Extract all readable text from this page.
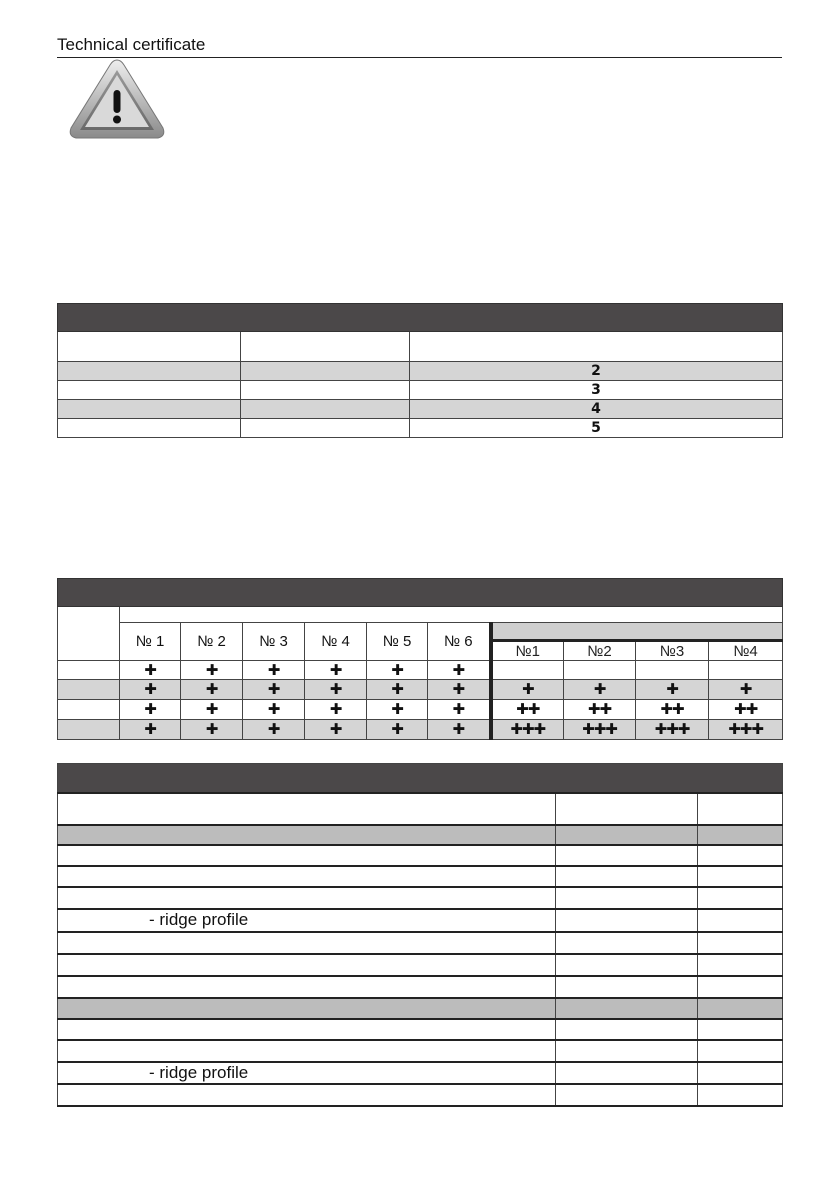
Technical certificate

		2
		3
		4
		5

	№ 1	№ 2	№ 3	№ 4	№ 5	№ 6				
							№1	№2	№3	№4
	✚	✚	✚	✚	✚	✚				
	✚	✚	✚	✚	✚	✚	✚	✚	✚	✚
	✚	✚	✚	✚	✚	✚	✚✚	✚✚	✚✚	✚✚
	✚	✚	✚	✚	✚	✚	✚✚✚	✚✚✚	✚✚✚	✚✚✚

- ridge profile		

- ridge profile		
